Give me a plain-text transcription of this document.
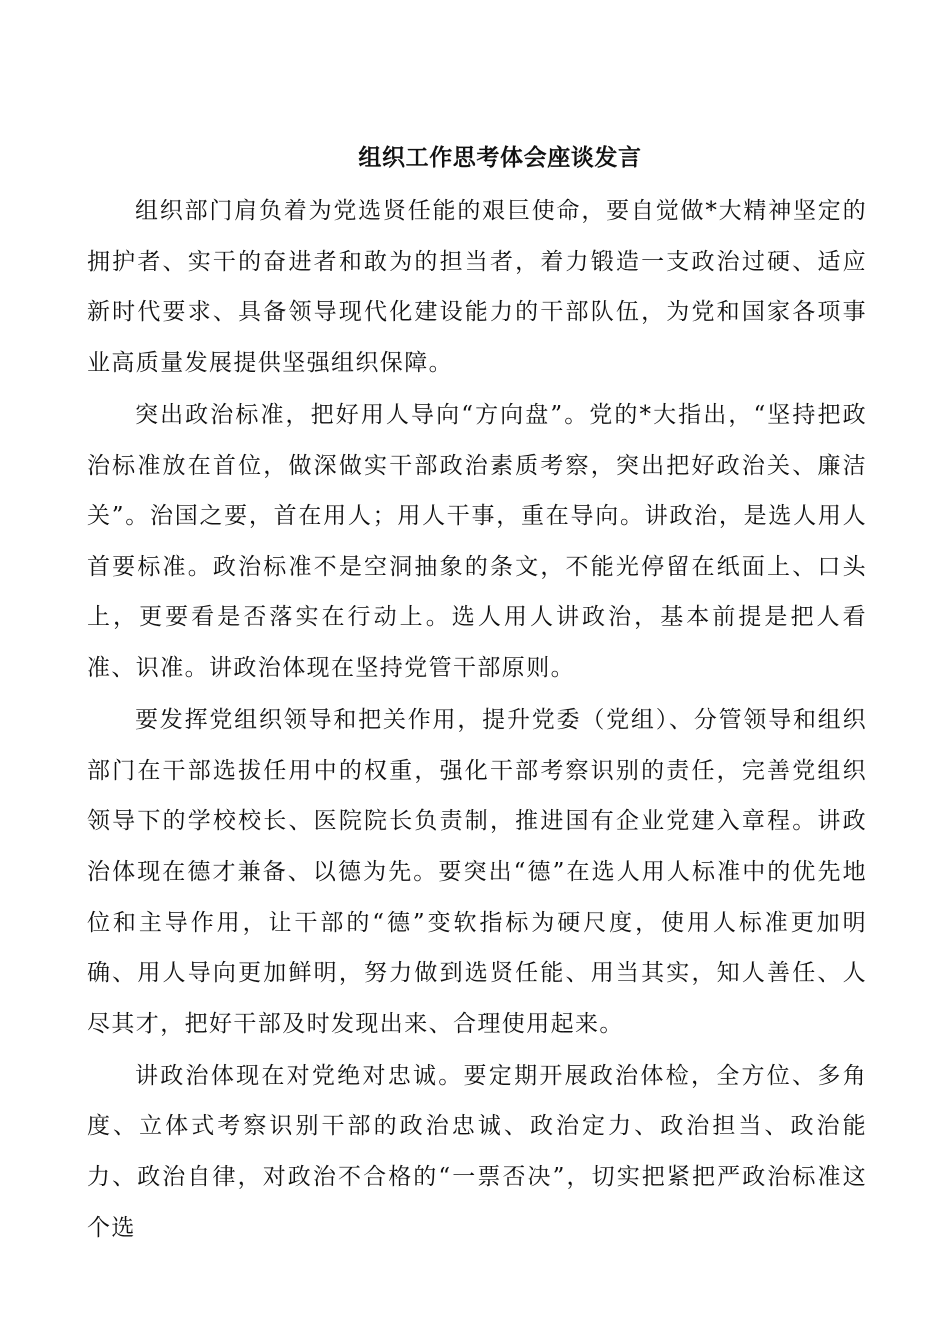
组织工作思考体会座谈发言

组织部门肩负着为党选贤任能的艰巨使命，要自觉做*大精神坚定的拥护者、实干的奋进者和敢为的担当者，着力锻造一支政治过硬、适应新时代要求、具备领导现代化建设能力的干部队伍，为党和国家各项事业高质量发展提供坚强组织保障。

突出政治标准，把好用人导向“方向盘”。党的*大指出，“坚持把政治标准放在首位，做深做实干部政治素质考察，突出把好政治关、廉洁关”。治国之要，首在用人；用人干事，重在导向。讲政治，是选人用人首要标准。政治标准不是空洞抽象的条文，不能光停留在纸面上、口头上，更要看是否落实在行动上。选人用人讲政治，基本前提是把人看准、识准。讲政治体现在坚持党管干部原则。

要发挥党组织领导和把关作用，提升党委（党组）、分管领导和组织部门在干部选拔任用中的权重，强化干部考察识别的责任，完善党组织领导下的学校校长、医院院长负责制，推进国有企业党建入章程。讲政治体现在德才兼备、以德为先。要突出“德”在选人用人标准中的优先地位和主导作用，让干部的“德”变软指标为硬尺度，使用人标准更加明确、用人导向更加鲜明，努力做到选贤任能、用当其实，知人善任、人尽其才，把好干部及时发现出来、合理使用起来。

讲政治体现在对党绝对忠诚。要定期开展政治体检，全方位、多角度、立体式考察识别干部的政治忠诚、政治定力、政治担当、政治能力、政治自律，对政治不合格的“一票否决”，切实把紧把严政治标准这个选
